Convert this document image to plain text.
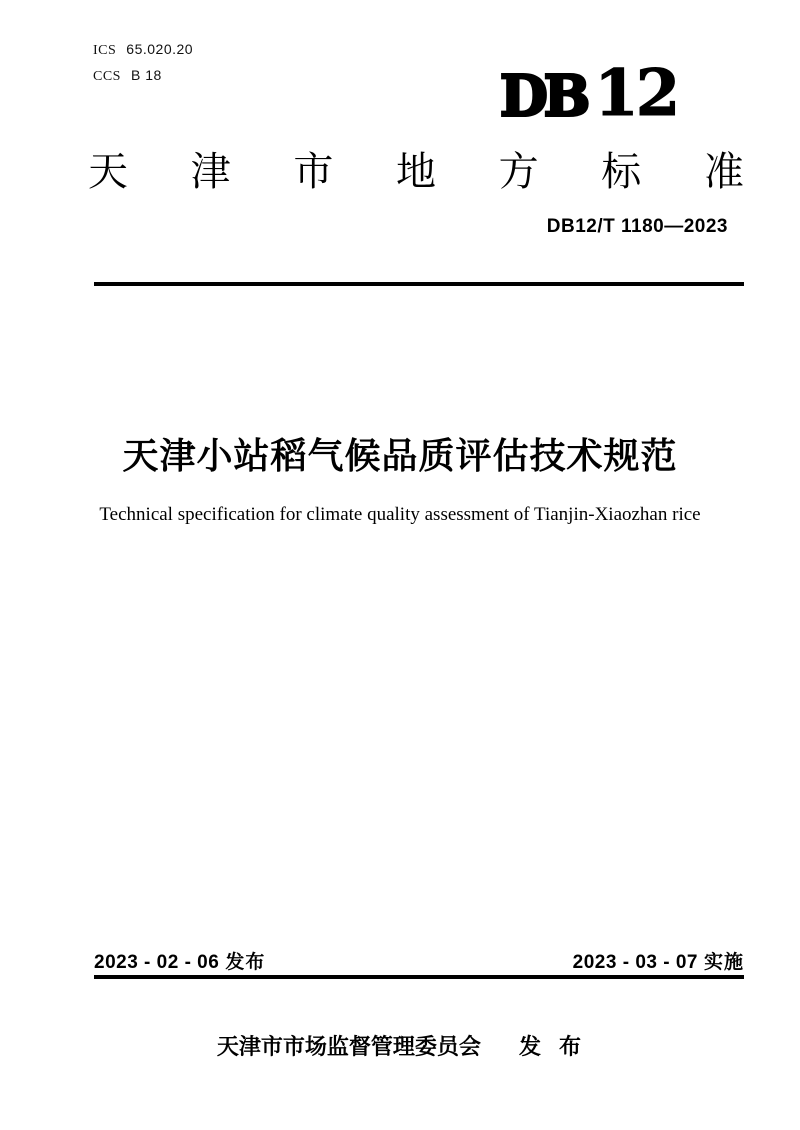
ICS 65.020.20
CCS B 18	DB 12
天 津 市 地 方 标 准
DB12/T 1180—2023
天津小站稻气候品质评估技术规范
Technical specification for climate quality assessment of Tianjin-Xiaozhan rice
2023 - 02 - 06 发布	2023 - 03 - 07 实施
天津市市场监督管理委员会 发 布
